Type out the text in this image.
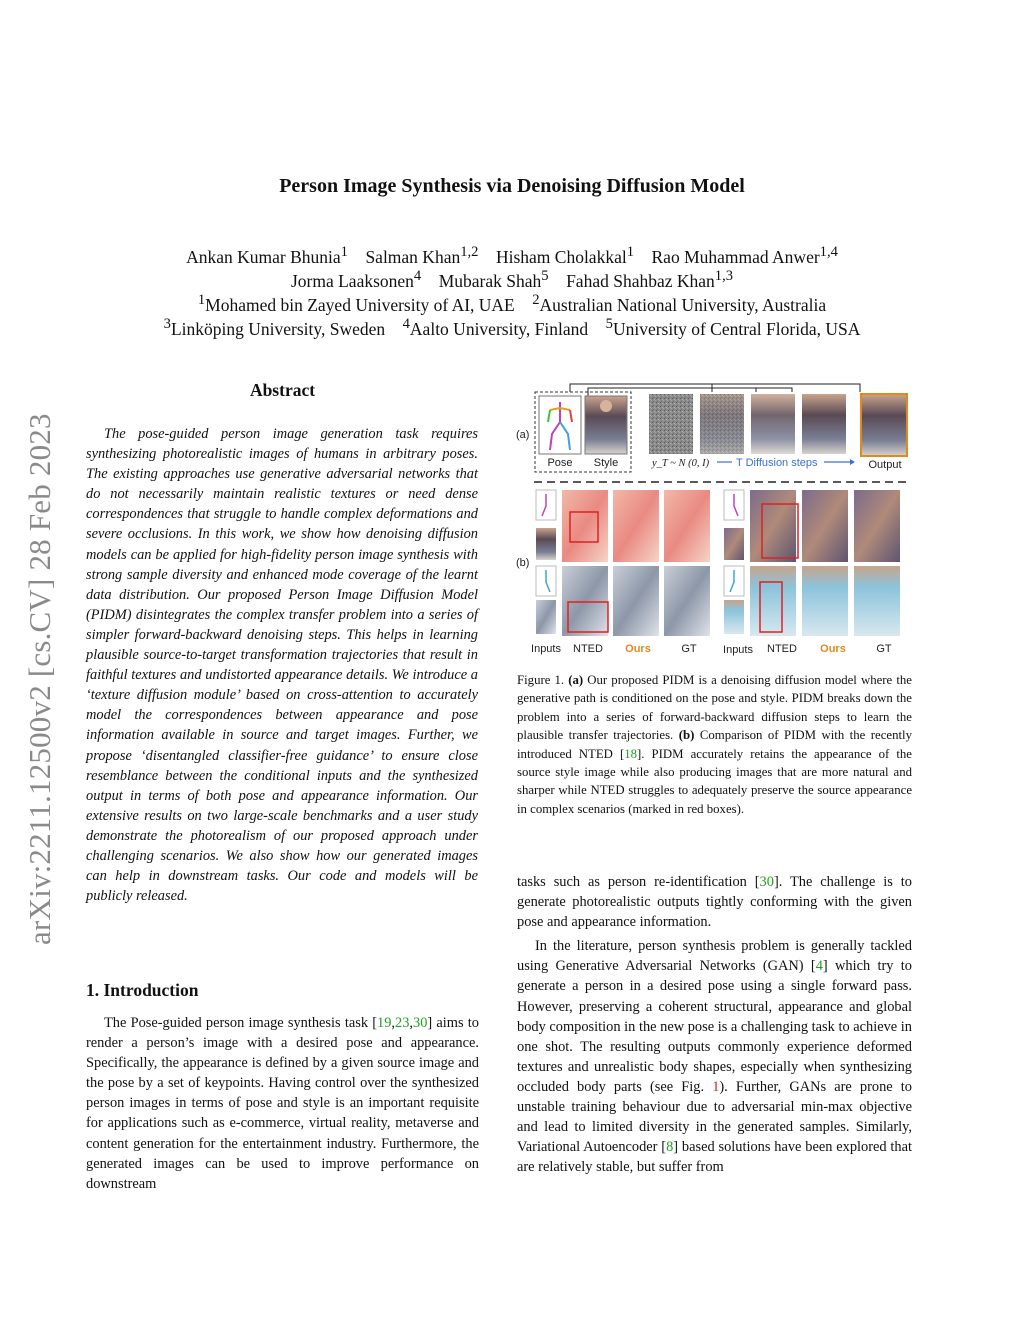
arXiv:2211.12500v2 [cs.CV] 28 Feb 2023
Person Image Synthesis via Denoising Diffusion Model
Ankan Kumar Bhunia$^1$ Salman Khan$^{1,2}$ Hisham Cholakkal$^1$ Rao Muhammad Anwer$^{1,4}$
Jorma Laaksonen$^4$ Mubarak Shah$^5$ Fahad Shahbaz Khan$^{1,3}$
$^1$Mohamed bin Zayed University of AI, UAE $^2$Australian National University, Australia
$^3$Linköping University, Sweden $^4$Aalto University, Finland $^5$University of Central Florida, USA
Abstract

The pose-guided person image generation task requires synthesizing photorealistic images of humans in arbitrary poses. The existing approaches use generative adversarial networks that do not necessarily maintain realistic textures or need dense correspondences that struggle to handle complex deformations and severe occlusions. In this work, we show how denoising diffusion models can be applied for high-fidelity person image synthesis with strong sample diversity and enhanced mode coverage of the learnt data distribution. Our proposed Person Image Diffusion Model (PIDM) disintegrates the complex transfer problem into a series of simpler forward-backward denoising steps. This helps in learning plausible source-to-target transformation trajectories that result in faithful textures and undistorted appearance details. We introduce a ‘texture diffusion module’ based on cross-attention to accurately model the correspondences between appearance and pose information available in source and target images. Further, we propose ‘disentangled classifier-free guidance’ to ensure close resemblance between the conditional inputs and the synthesized output in terms of both pose and appearance information. Our extensive results on two large-scale benchmarks and a user study demonstrate the photorealism of our proposed approach under challenging scenarios. We also show how our generated images can help in downstream tasks. Our code and models will be publicly released.

1. Introduction

The Pose-guided person image synthesis task [19,23,30] aims to render a person’s image with a desired pose and appearance. Specifically, the appearance is defined by a given source image and the pose by a set of keypoints. Having control over the synthesized person images in terms of pose and style is an important requisite for applications such as e-commerce, virtual reality, metaverse and content generation for the entertainment industry. Furthermore, the generated images can be used to improve performance on downstream

(a)
Pose Style	y_T ~ N (0, I) T Diffusion steps	Output
(b)
Inputs NTED Ours	GT Inputs NTED Ours	GT
Figure 1. (a) Our proposed PIDM is a denoising diffusion model where the generative path is conditioned on the pose and style. PIDM breaks down the problem into a series of forward-backward diffusion steps to learn the plausible transfer trajectories. (b) Comparison of PIDM with the recently introduced NTED [18]. PIDM accurately retains the appearance of the source style image while also producing images that are more natural and sharper while NTED struggles to adequately preserve the source appearance in complex scenarios (marked in red boxes).

tasks such as person re-identification [30]. The challenge is to generate photorealistic outputs tightly conforming with the given pose and appearance information.

In the literature, person synthesis problem is generally tackled using Generative Adversarial Networks (GAN) [4] which try to generate a person in a desired pose using a single forward pass. However, preserving a coherent structural, appearance and global body composition in the new pose is a challenging task to achieve in one shot. The resulting outputs commonly experience deformed textures and unrealistic body shapes, especially when synthesizing occluded body parts (see Fig. 1). Further, GANs are prone to unstable training behaviour due to adversarial min-max objective and lead to limited diversity in the generated samples. Similarly, Variational Autoencoder [8] based solutions have been explored that are relatively stable, but suffer from
